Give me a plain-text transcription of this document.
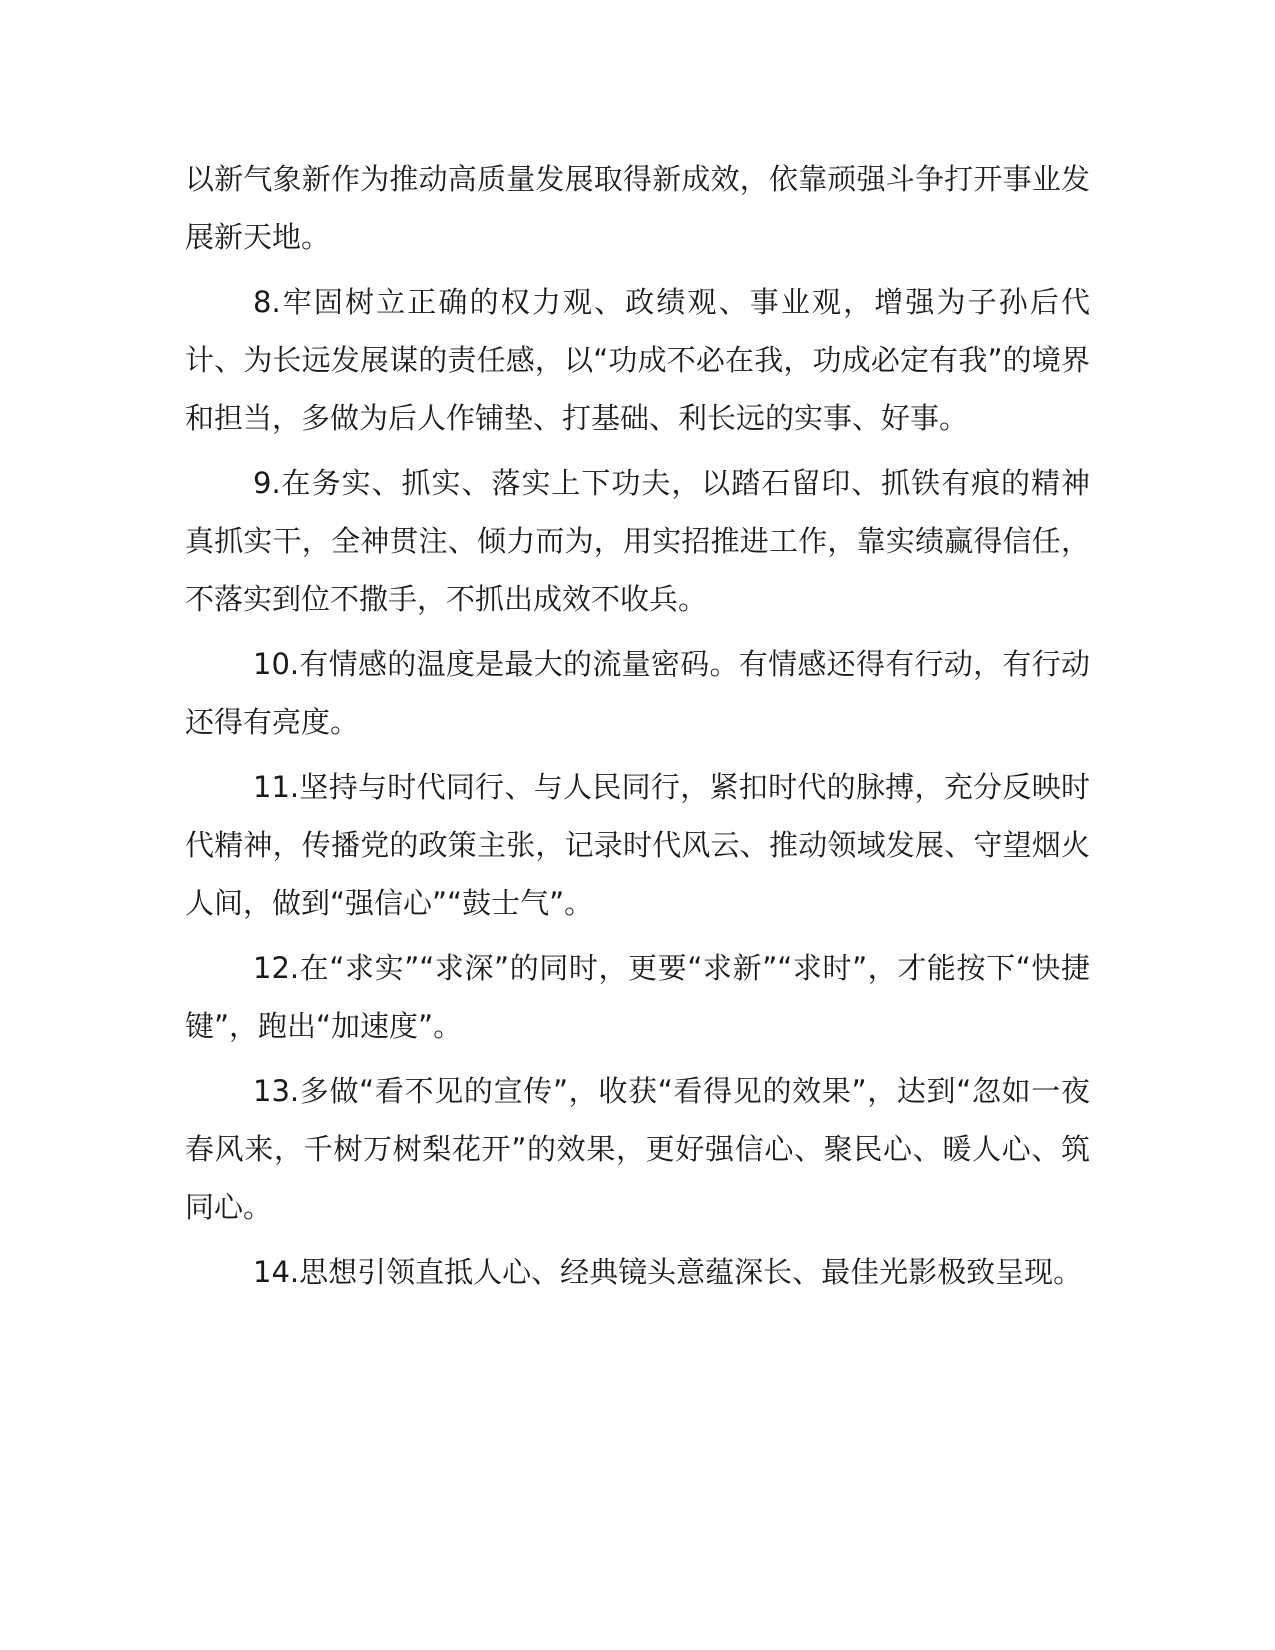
以新气象新作为推动高质量发展取得新成效，依靠顽强斗争打开事业发展新天地。

8.牢固树立正确的权力观、政绩观、事业观，增强为子孙后代计、为长远发展谋的责任感，以“功成不必在我，功成必定有我”的境界和担当，多做为后人作铺垫、打基础、利长远的实事、好事。

9.在务实、抓实、落实上下功夫，以踏石留印、抓铁有痕的精神真抓实干，全神贯注、倾力而为，用实招推进工作，靠实绩赢得信任，不落实到位不撒手，不抓出成效不收兵。

10.有情感的温度是最大的流量密码。有情感还得有行动，有行动还得有亮度。

11.坚持与时代同行、与人民同行，紧扣时代的脉搏，充分反映时代精神，传播党的政策主张，记录时代风云、推动领域发展、守望烟火人间，做到“强信心”“鼓士气”。

12.在“求实”“求深”的同时，更要“求新”“求时”，才能按下“快捷键”，跑出“加速度”。

13.多做“看不见的宣传”，收获“看得见的效果”，达到“忽如一夜春风来，千树万树梨花开”的效果，更好强信心、聚民心、暖人心、筑同心。

14.思想引领直抵人心、经典镜头意蕴深长、最佳光影极致呈现。
